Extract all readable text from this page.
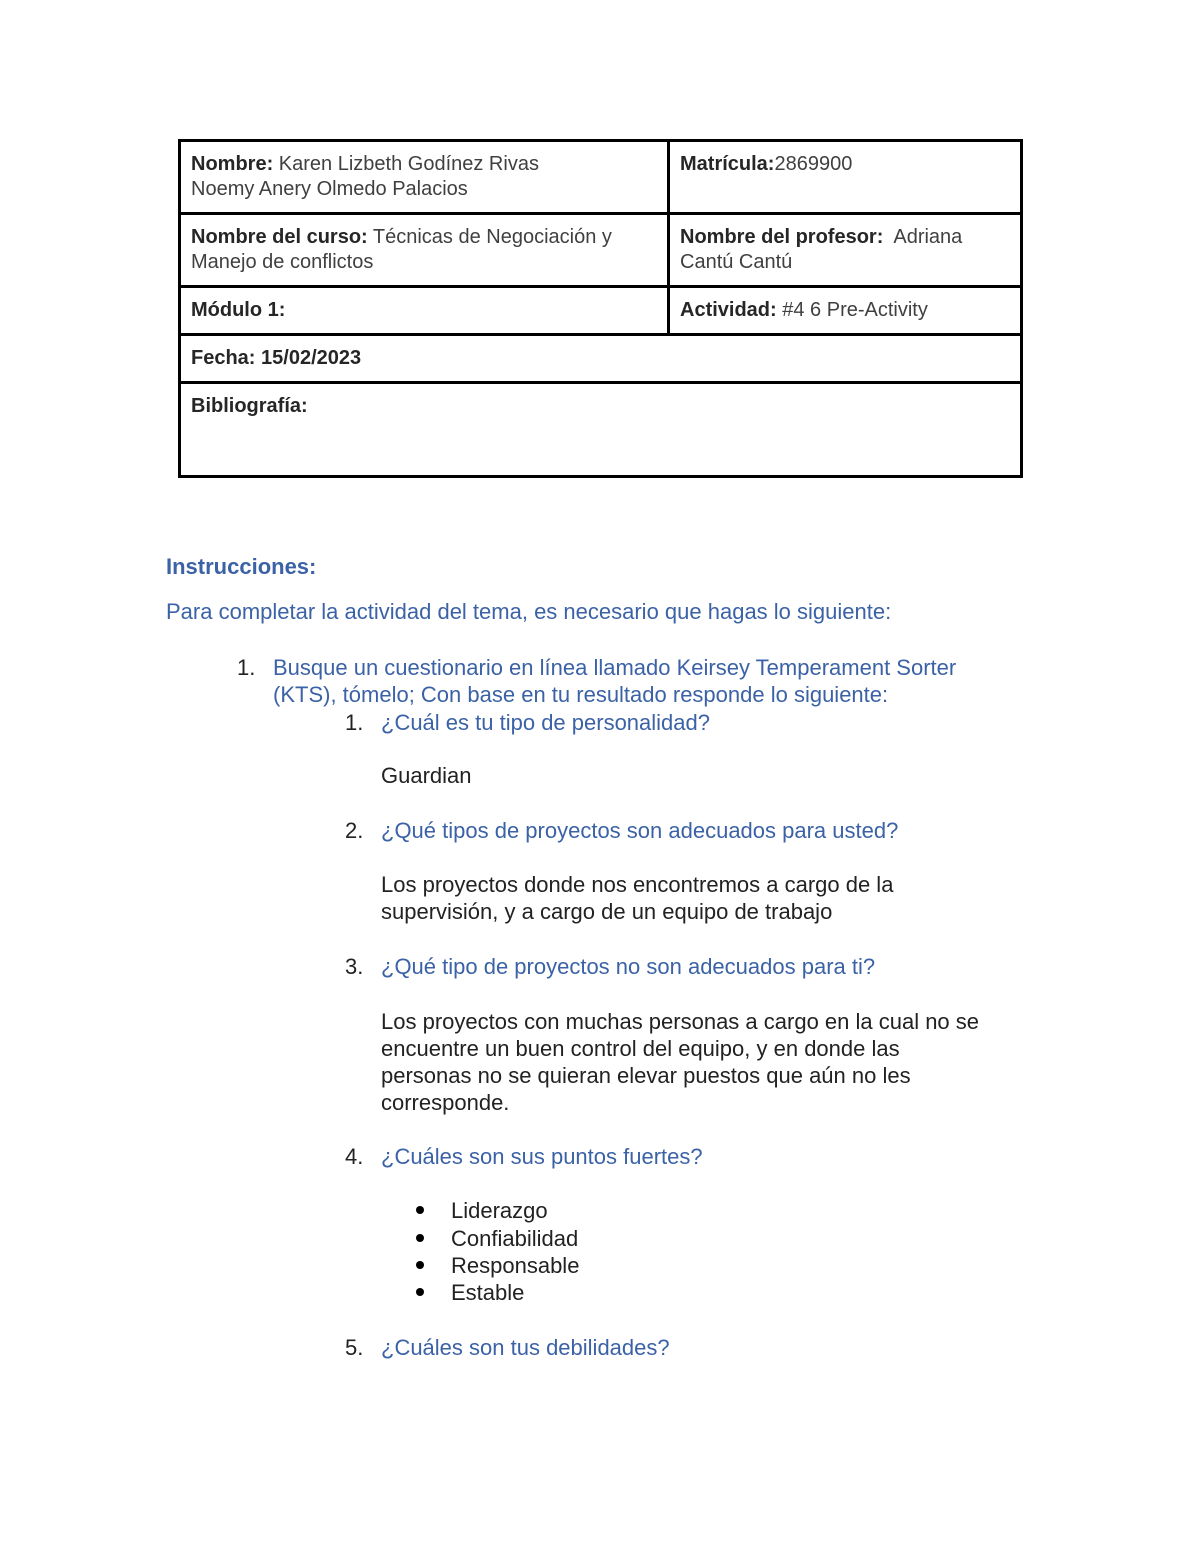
Nombre: Karen Lizbeth Godínez Rivas
Noemy Anery Olmedo Palacios	Matrícula:2869900
Nombre del curso: Técnicas de Negociación y Manejo de conflictos	Nombre del profesor:  Adriana Cantú Cantú
Módulo 1:	Actividad: #4 6 Pre-Activity
Fecha: 15/02/2023	
Bibliografía:	

Instrucciones:

Para completar la actividad del tema, es necesario que hagas lo siguiente:

1. Busque un cuestionario en línea llamado Keirsey Temperament Sorter
(KTS), tómelo; Con base en tu resultado responde lo siguiente:
1. ¿Cuál es tu tipo de personalidad?
Guardian
2. ¿Qué tipos de proyectos son adecuados para usted?
Los proyectos donde nos encontremos a cargo de la
supervisión, y a cargo de un equipo de trabajo
3. ¿Qué tipo de proyectos no son adecuados para ti?
Los proyectos con muchas personas a cargo en la cual no se
encuentre un buen control del equipo, y en donde las
personas no se quieran elevar puestos que aún no les
corresponde.
4. ¿Cuáles son sus puntos fuertes?
Liderazgo
Confiabilidad
Responsable
Estable
5. ¿Cuáles son tus debilidades?
